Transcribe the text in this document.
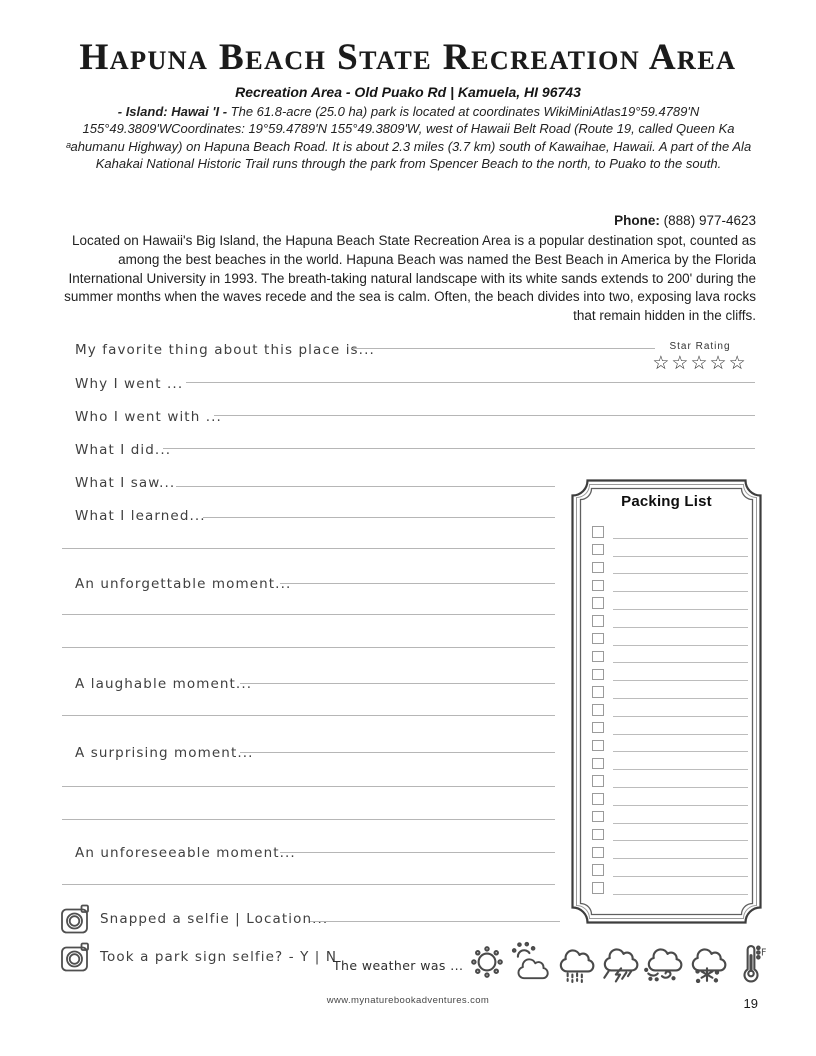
Hapuna Beach State Recreation Area
Recreation Area - Old Puako Rd | Kamuela, HI 96743
- Island: Hawai 'I - The 61.8-acre (25.0 ha) park is located at coordinates WikiMiniAtlas19°59.4789'N 155°49.3809'WCoordinates: 19°59.4789'N 155°49.3809'W, west of Hawaii Belt Road (Route 19, called Queen Ka ᵃahumanu Highway) on Hapuna Beach Road. It is about 2.3 miles (3.7 km) south of Kawaihae, Hawaii. A part of the Ala Kahakai National Historic Trail runs through the park from Spencer Beach to the north, to Puako to the south.
Phone: (888) 977-4623
Located on Hawaii's Big Island, the Hapuna Beach State Recreation Area is a popular destination spot, counted as among the best beaches in the world. Hapuna Beach was named the Best Beach in America by the Florida International University in 1993. The breath-taking natural landscape with its white sands extends to 200' during the summer months when the waves recede and the sea is calm. Often, the beach divides into two, exposing lava rocks that remain hidden in the cliffs.
My favorite thing about this place is...	Star Rating
☆☆☆☆☆
Why I went ...
Who I went with ...
What I did...
What I saw...
What I learned...
An unforgettable moment...
A laughable moment...
A surprising moment...
An unforeseeable moment...
Packing List
Snapped a selfie | Location...
Took a park sign selfie? - Y | N
The weather was ...
F
www.mynaturebookadventures.com	19
